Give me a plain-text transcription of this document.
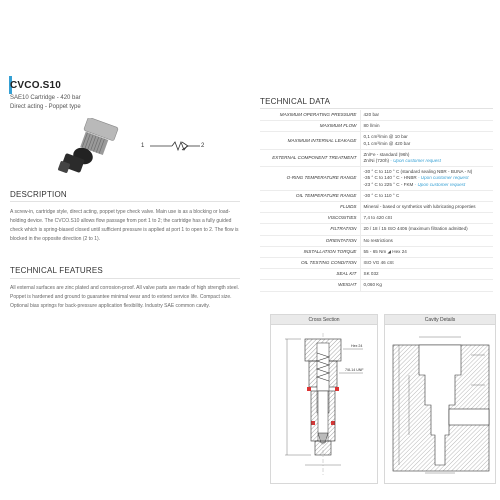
CVCO.S10
SAE10 Cartridge - 420 bar
Direct acting - Poppet type
1	2
DESCRIPTION
A screw-in, cartridge style, direct acting, poppet type check valve. Main use is as a blocking or load-holding device. The CVCO.S10 allows flow passage from port 1 to 2; the cartridge has a fully guided check which is spring-biased closed until sufficient pressure is applied at port 1 to open to 2. The flow is blocked in the opposite direction (2 to 1).
TECHNICAL FEATURES
All external surfaces are zinc plated and corrosion-proof. All valve parts are made of high strength steel. Poppet is hardened and ground to guarantee minimal wear and to extend service life. Compact size. Optional bias springs for back-pressure application flexibility. Industry SAE common cavity.
TECHNICAL DATA
MAXIMUM OPERATING PRESSURE	420 bar
MAXIMUM FLOW	80 l/min
MAXIMUM INTERNAL LEAKAGE	0,1 cm³/min @ 10 bar
0,1 cm³/min @ 420 bar

EXTERNAL COMPONENT TREATMENT	Zn/Fe - standard (96h)
Zn/Ni (720h) - Upon customer request

O-RING TEMPERATURE RANGE	-30 ° C to 110 ° C (standard sealing NBR - BUNA - N)
-35 ° C to 140 ° C - HNBR - Upon customer request
-23 ° C to 225 ° C - FKM - Upon customer request

OIL TEMPERATURE RANGE	-30 ° C to 110 ° C
FLUIDS	Mineral - based or synthetics with lubricating properties
VISCOSITIES	7,4 to 420 cSt
FILTRATION	20 / 18 / 15 ISO 4406 (maximum filtration admitted)
ORIENTATION	No restrictions
INSTALLATION TORQUE	55 - 65 Nm ◢ Hex 24
OIL TESTING CONDITION	ISO VG 46 cSt
SEAL KIT	SK 032
WEIGHT	0,060 Kg
Cross Section
Hex 24
7/8-14 UNF
Cavity Details
